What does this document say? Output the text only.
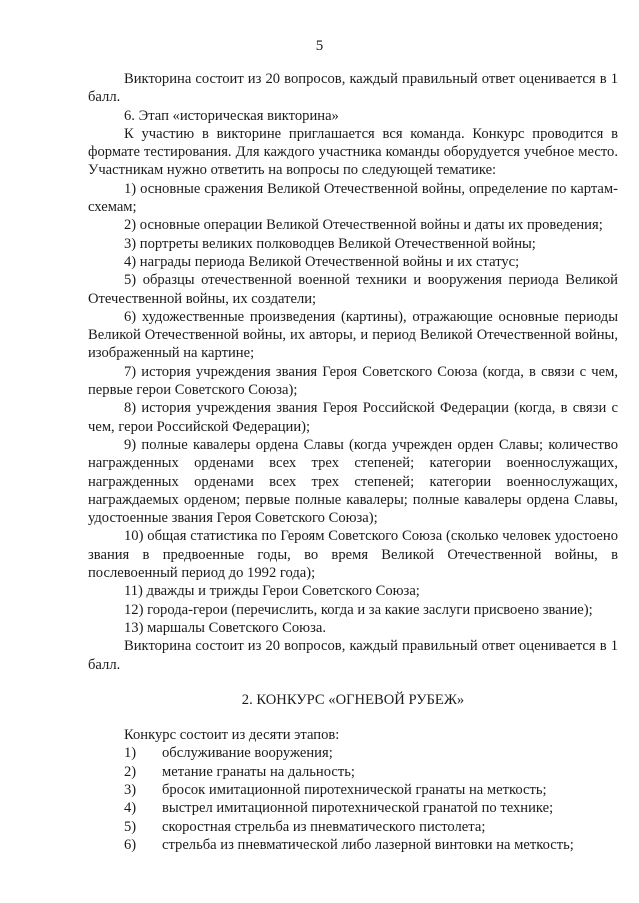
5

Викторина состоит из 20 вопросов, каждый правильный ответ оценивается в 1 балл.

6. Этап «историческая викторина»

К участию в викторине приглашается вся команда. Конкурс проводится в формате тестирования. Для каждого участника команды оборудуется учебное место. Участникам нужно ответить на вопросы по следующей тематике:

1) основные сражения Великой Отечественной войны, определение по картам-схемам;

2) основные операции Великой Отечественной войны и даты их проведения;

3) портреты великих полководцев Великой Отечественной войны;

4) награды периода Великой Отечественной войны и их статус;

5) образцы отечественной военной техники и вооружения периода Великой Отечественной войны, их создатели;

6) художественные произведения (картины), отражающие основные периоды Великой Отечественной войны, их авторы, и период Великой Отечественной войны, изображенный на картине;

7) история учреждения звания Героя Советского Союза (когда, в связи с чем, первые герои Советского Союза);

8) история учреждения звания Героя Российской Федерации (когда, в связи с чем, герои Российской Федерации);

9) полные кавалеры ордена Славы (когда учрежден орден Славы; количество награжденных орденами всех трех степеней; категории военнослужащих, награжденных орденами всех трех степеней; категории военнослужащих, награждаемых орденом; первые полные кавалеры; полные кавалеры ордена Славы, удостоенные звания Героя Советского Союза);

10) общая статистика по Героям Советского Союза (сколько человек удостоено звания в предвоенные годы, во время Великой Отечественной войны, в послевоенный период до 1992 года);

11) дважды и трижды Герои Советского Союза;

12) города-герои (перечислить, когда и за какие заслуги присвоено звание);

13) маршалы Советского Союза.

Викторина состоит из 20 вопросов, каждый правильный ответ оценивается в 1 балл.

2. КОНКУРС «ОГНЕВОЙ РУБЕЖ»

Конкурс состоит из десяти этапов:

1)	обслуживание вооружения;
2)	метание гранаты на дальность;
3)	бросок имитационной пиротехнической гранаты на меткость;
4)	выстрел имитационной пиротехнической гранатой по технике;
5)	скоростная стрельба из пневматического пистолета;
6)	стрельба из пневматической либо лазерной винтовки на меткость;
